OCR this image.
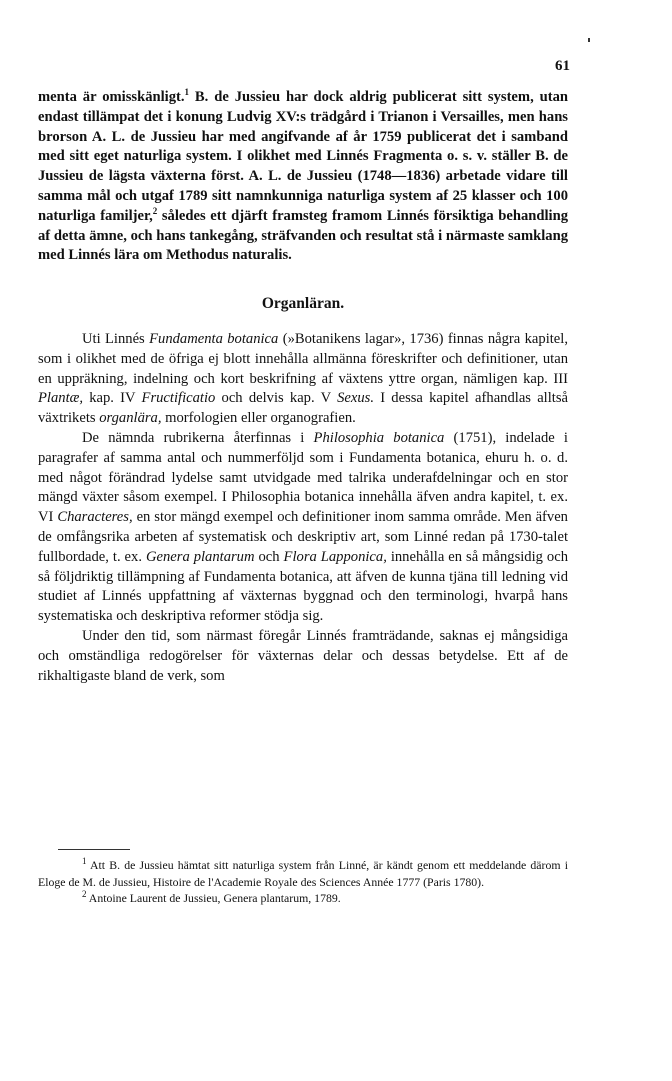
61

menta är omisskänligt.$^1$ B. de Jussieu har dock aldrig publicerat sitt system, utan endast tillämpat det i konung Ludvig XV:s trädgård i Trianon i Versailles, men hans brorson A. L. de Jussieu har med angifvande af år 1759 publicerat det i samband med sitt eget naturliga system. I olikhet med Linnés Fragmenta o. s. v. ställer B. de Jussieu de lägsta växterna först. A. L. de Jussieu (1748—1836) arbetade vidare till samma mål och utgaf 1789 sitt namnkunniga naturliga system af 25 klasser och 100 naturliga familjer,$^2$ således ett djärft framsteg framom Linnés försiktiga behandling af detta ämne, och hans tankegång, sträfvanden och resultat stå i närmaste samklang med Linnés lära om Methodus naturalis.

Organläran.

Uti Linnés Fundamenta botanica (»Botanikens lagar», 1736) finnas några kapitel, som i olikhet med de öfriga ej blott innehålla allmänna föreskrifter och definitioner, utan en uppräkning, indelning och kort beskrifning af växtens yttre organ, nämligen kap. III Plantæ, kap. IV Fructificatio och delvis kap. V Sexus. I dessa kapitel afhandlas alltså växtrikets organlära, morfologien eller organografien.

De nämnda rubrikerna återfinnas i Philosophia botanica (1751), indelade i paragrafer af samma antal och nummerföljd som i Fundamenta botanica, ehuru h. o. d. med något förändrad lydelse samt utvidgade med talrika underafdelningar och en stor mängd växter såsom exempel. I Philosophia botanica innehålla äfven andra kapitel, t. ex. VI Characteres, en stor mängd exempel och definitioner inom samma område. Men äfven de omfångsrika arbeten af systematisk och deskriptiv art, som Linné redan på 1730-talet fullbordade, t. ex. Genera plantarum och Flora Lapponica, innehålla en så mångsidig och så följdriktig tillämpning af Fundamenta botanica, att äfven de kunna tjäna till ledning vid studiet af Linnés uppfattning af växternas byggnad och den terminologi, hvarpå hans systematiska och deskriptiva reformer stödja sig.

Under den tid, som närmast föregår Linnés framträdande, saknas ej mångsidiga och omständliga redogörelser för växternas delar och dessas betydelse. Ett af de rikhaltigaste bland de verk, som

$^1$ Att B. de Jussieu hämtat sitt naturliga system från Linné, är kändt genom ett meddelande därom i Eloge de M. de Jussieu, Histoire de l'Academie Royale des Sciences Année 1777 (Paris 1780).

$^2$ Antoine Laurent de Jussieu, Genera plantarum, 1789.
